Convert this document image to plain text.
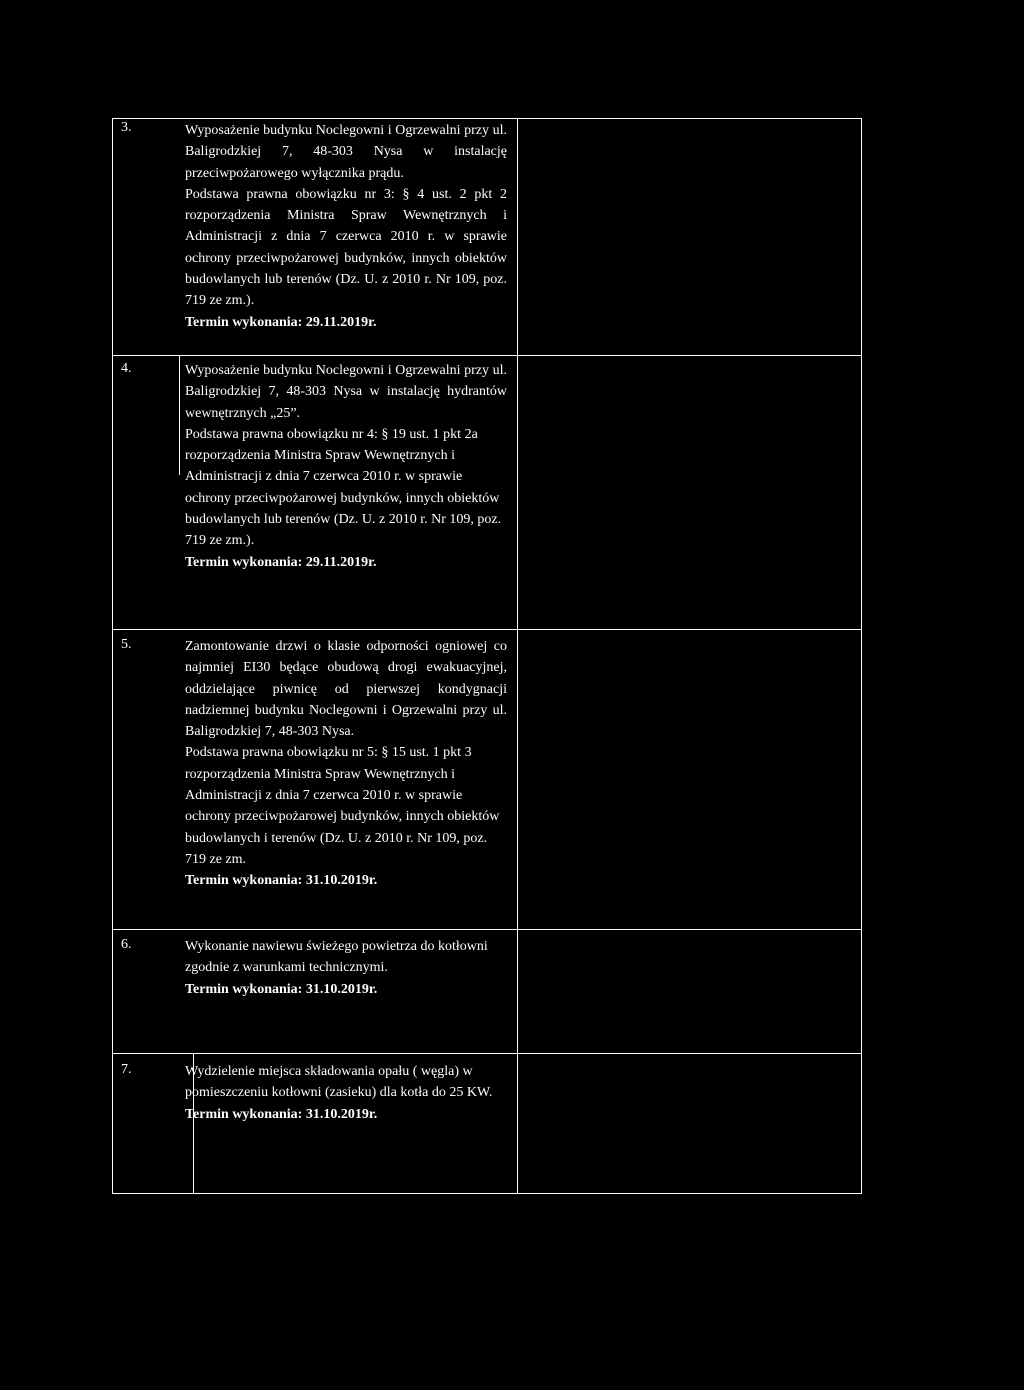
3.	Wyposażenie budynku Noclegowni i Ogrzewalni przy ul. Baligrodzkiej 7, 48-303 Nysa w instalację przeciwpożarowego wyłącznika prądu.

Podstawa prawna obowiązku nr 3: § 4 ust. 2 pkt 2 rozporządzenia Ministra Spraw Wewnętrznych i Administracji z dnia 7 czerwca 2010 r. w sprawie ochrony przeciwpożarowej budynków, innych obiektów budowlanych lub terenów (Dz. U. z 2010 r. Nr 109, poz. 719 ze zm.).

Termin wykonania: 29.11.2019r.

4.	Wyposażenie budynku Noclegowni i Ogrzewalni przy ul. Baligrodzkiej 7, 48-303 Nysa w instalację hydrantów wewnętrznych „25”.

Podstawa prawna obowiązku nr 4: § 19 ust. 1 pkt 2a rozporządzenia Ministra Spraw Wewnętrznych i Administracji z dnia 7 czerwca 2010 r. w sprawie ochrony przeciwpożarowej budynków, innych obiektów budowlanych lub terenów (Dz. U. z 2010 r. Nr 109, poz. 719 ze zm.).

Termin wykonania: 29.11.2019r.

5.	Zamontowanie drzwi o klasie odporności ogniowej co najmniej EI30 będące obudową drogi ewakuacyjnej, oddzielające piwnicę od pierwszej kondygnacji nadziemnej budynku Noclegowni i Ogrzewalni przy ul. Baligrodzkiej 7, 48-303 Nysa.

Podstawa prawna obowiązku nr 5: § 15 ust. 1 pkt 3 rozporządzenia Ministra Spraw Wewnętrznych i Administracji z dnia 7 czerwca 2010 r. w sprawie ochrony przeciwpożarowej budynków, innych obiektów budowlanych i terenów (Dz. U. z 2010 r. Nr 109, poz. 719 ze zm.

Termin wykonania: 31.10.2019r.

6.	Wykonanie nawiewu świeżego powietrza do kotłowni zgodnie z warunkami technicznymi.

Termin wykonania: 31.10.2019r.

7.	Wydzielenie miejsca składowania opału ( węgla) w pomieszczeniu kotłowni (zasieku) dla kotła do 25 KW.

Termin wykonania: 31.10.2019r.
